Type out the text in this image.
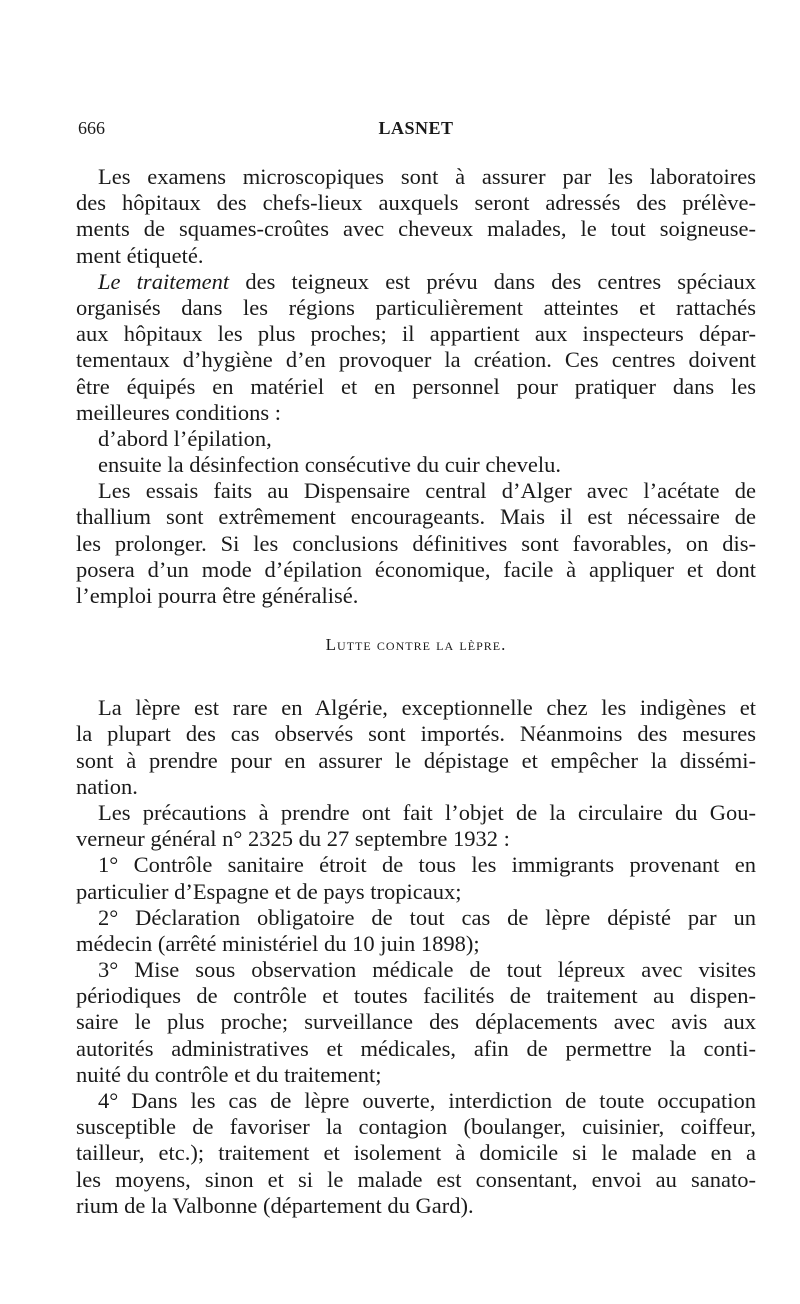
666	LASNET
Les examens microscopiques sont à assurer par les laboratoires
des hôpitaux des chefs-lieux auxquels seront adressés des prélève-
ments de squames-croûtes avec cheveux malades, le tout soigneuse-
ment étiqueté.
Le traitement des teigneux est prévu dans des centres spéciaux
organisés dans les régions particulièrement atteintes et rattachés
aux hôpitaux les plus proches; il appartient aux inspecteurs dépar-
tementaux d’hygiène d’en provoquer la création. Ces centres doivent
être équipés en matériel et en personnel pour pratiquer dans les
meilleures conditions :
d’abord l’épilation,
ensuite la désinfection consécutive du cuir chevelu.
Les essais faits au Dispensaire central d’Alger avec l’acétate de
thallium sont extrêmement encourageants. Mais il est nécessaire de
les prolonger. Si les conclusions définitives sont favorables, on dis-
posera d’un mode d’épilation économique, facile à appliquer et dont
l’emploi pourra être généralisé.
Lutte contre la lèpre.
La lèpre est rare en Algérie, exceptionnelle chez les indigènes et
la plupart des cas observés sont importés. Néanmoins des mesures
sont à prendre pour en assurer le dépistage et empêcher la dissémi-
nation.
Les précautions à prendre ont fait l’objet de la circulaire du Gou-
verneur général n° 2325 du 27 septembre 1932 :
1° Contrôle sanitaire étroit de tous les immigrants provenant en
particulier d’Espagne et de pays tropicaux;
2° Déclaration obligatoire de tout cas de lèpre dépisté par un
médecin (arrêté ministériel du 10 juin 1898);
3° Mise sous observation médicale de tout lépreux avec visites
périodiques de contrôle et toutes facilités de traitement au dispen-
saire le plus proche; surveillance des déplacements avec avis aux
autorités administratives et médicales, afin de permettre la conti-
nuité du contrôle et du traitement;
4° Dans les cas de lèpre ouverte, interdiction de toute occupation
susceptible de favoriser la contagion (boulanger, cuisinier, coiffeur,
tailleur, etc.); traitement et isolement à domicile si le malade en a
les moyens, sinon et si le malade est consentant, envoi au sanato-
rium de la Valbonne (département du Gard).
